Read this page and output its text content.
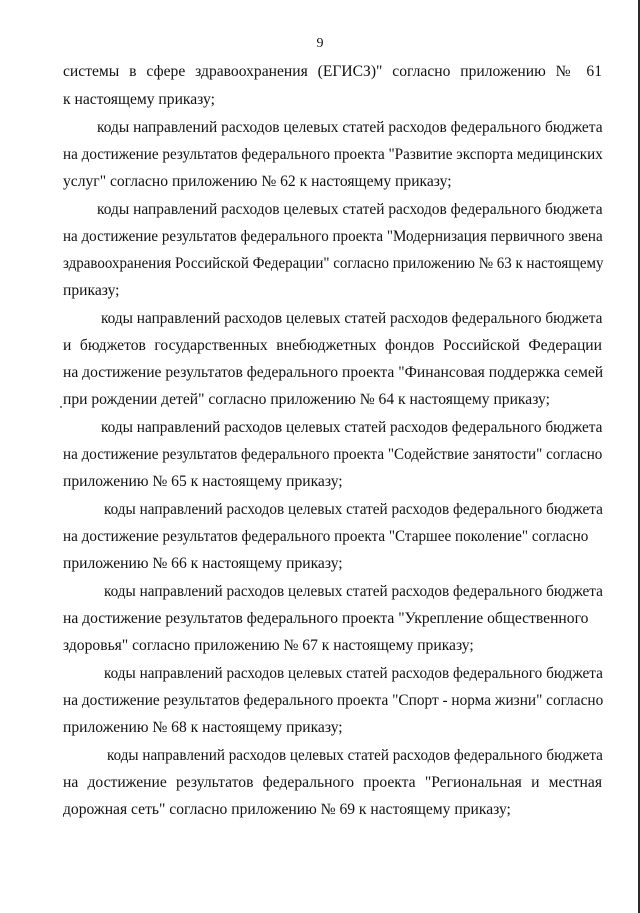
9
системы в сфере здравоохранения (ЕГИСЗ)" согласно приложению № 61
к настоящему приказу;
коды направлений расходов целевых статей расходов федерального бюджета
на достижение результатов федерального проекта "Развитие экспорта медицинских
услуг" согласно приложению № 62 к настоящему приказу;
коды направлений расходов целевых статей расходов федерального бюджета
на достижение результатов федерального проекта "Модернизация первичного звена
здравоохранения Российской Федерации" согласно приложению № 63 к настоящему
приказу;
коды направлений расходов целевых статей расходов федерального бюджета
и бюджетов государственных внебюджетных фондов Российской Федерации
на достижение результатов федерального проекта "Финансовая поддержка семей
при рождении детей" согласно приложению № 64 к настоящему приказу;
коды направлений расходов целевых статей расходов федерального бюджета
на достижение результатов федерального проекта "Содействие занятости" согласно
приложению № 65 к настоящему приказу;
коды направлений расходов целевых статей расходов федерального бюджета
на достижение результатов федерального проекта "Старшее поколение" согласно
приложению № 66 к настоящему приказу;
коды направлений расходов целевых статей расходов федерального бюджета
на достижение результатов федерального проекта "Укрепление общественного
здоровья" согласно приложению № 67 к настоящему приказу;
коды направлений расходов целевых статей расходов федерального бюджета
на достижение результатов федерального проекта "Спорт - норма жизни" согласно
приложению № 68 к настоящему приказу;
коды направлений расходов целевых статей расходов федерального бюджета
на достижение результатов федерального проекта "Региональная и местная
дорожная сеть" согласно приложению № 69 к настоящему приказу;
